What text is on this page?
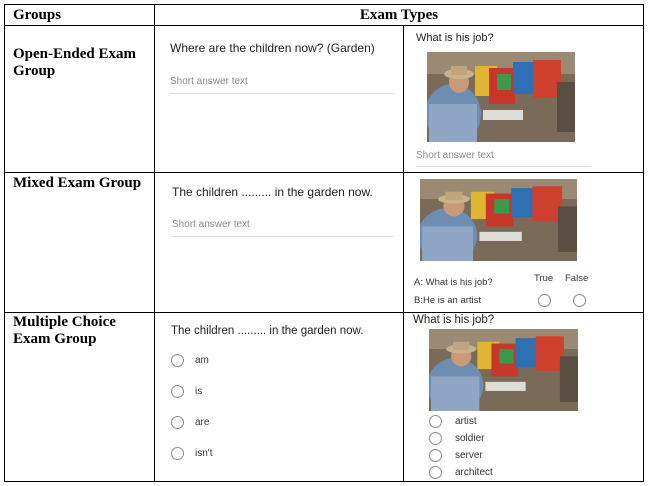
Groups	Exam Types
Open-Ended Exam Group
Mixed Exam Group
Multiple Choice Exam Group
Where are the children now? (Garden)
Short answer text
What is his job?
Short answer text
The children ......... in the garden now.
Short answer text
True False
A: What is his job?
B:He is an artist
The children ......... in the garden now.
am
is
are
isn't
What is his job?
artist
soldier
server
architect
